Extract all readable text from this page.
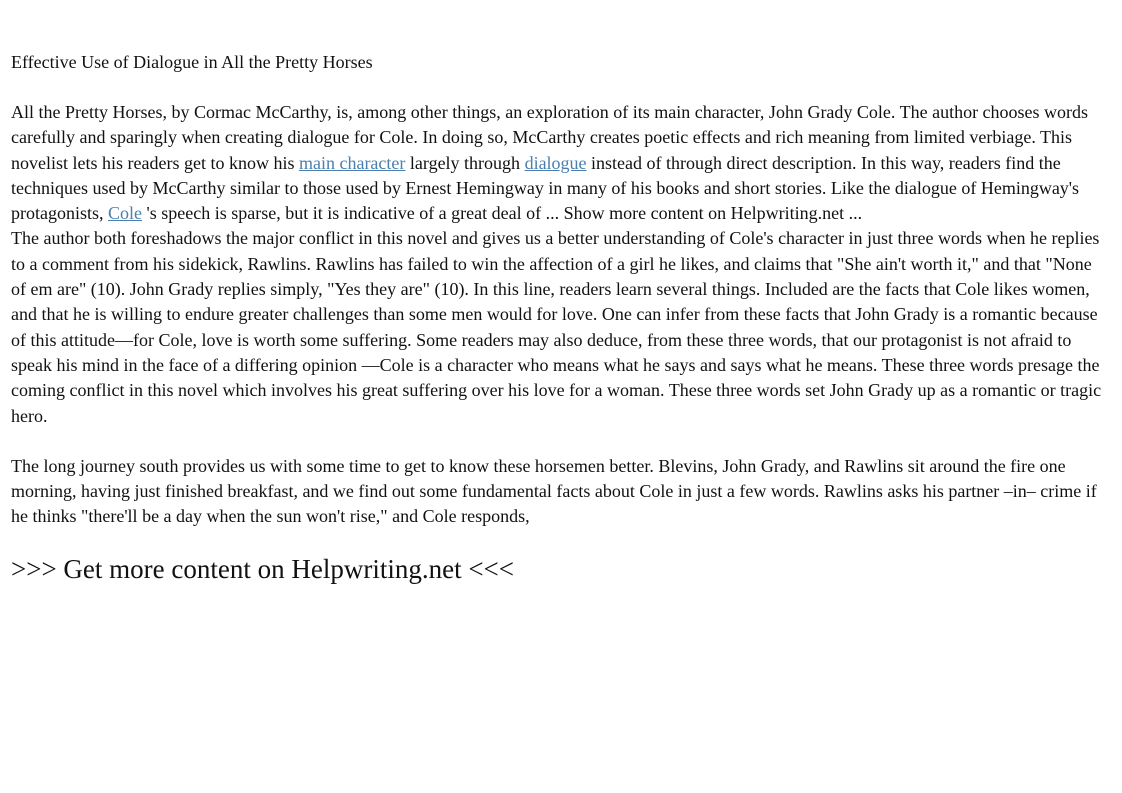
Effective Use of Dialogue in All the Pretty Horses

All the Pretty Horses, by Cormac McCarthy, is, among other things, an exploration of its main character, John Grady Cole. The author chooses words carefully and sparingly when creating dialogue for Cole. In doing so, McCarthy creates poetic effects and rich meaning from limited verbiage. This novelist lets his readers get to know his main character largely through dialogue instead of through direct description. In this way, readers find the techniques used by McCarthy similar to those used by Ernest Hemingway in many of his books and short stories. Like the dialogue of Hemingway's protagonists, Cole 's speech is sparse, but it is indicative of a great deal of ... Show more content on Helpwriting.net ...

The author both foreshadows the major conflict in this novel and gives us a better understanding of Cole's character in just three words when he replies to a comment from his sidekick, Rawlins. Rawlins has failed to win the affection of a girl he likes, and claims that "She ain't worth it," and that "None of em are" (10). John Grady replies simply, "Yes they are" (10). In this line, readers learn several things. Included are the facts that Cole likes women, and that he is willing to endure greater challenges than some men would for love. One can infer from these facts that John Grady is a romantic because of this attitude—for Cole, love is worth some suffering. Some readers may also deduce, from these three words, that our protagonist is not afraid to speak his mind in the face of a differing opinion —Cole is a character who means what he says and says what he means. These three words presage the coming conflict in this novel which involves his great suffering over his love for a woman. These three words set John Grady up as a romantic or tragic hero.

The long journey south provides us with some time to get to know these horsemen better. Blevins, John Grady, and Rawlins sit around the fire one morning, having just finished breakfast, and we find out some fundamental facts about Cole in just a few words. Rawlins asks his partner –in– crime if he thinks "there'll be a day when the sun won't rise," and Cole responds,

>>> Get more content on Helpwriting.net <<<
